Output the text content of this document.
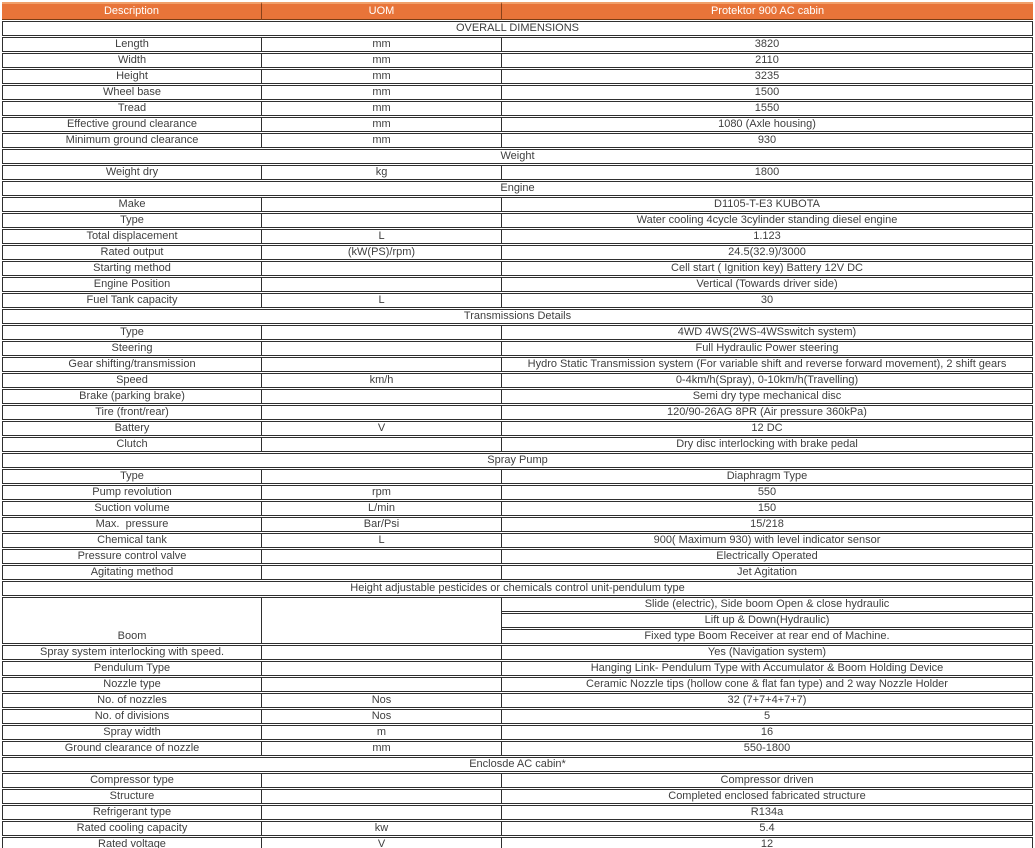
Description	UOM	Protektor 900 AC cabin
OVERALL DIMENSIONS		
Length	mm	3820
Width	mm	2110
Height	mm	3235
Wheel base	mm	1500
Tread	mm	1550
Effective ground clearance	mm	1080 (Axle housing)
Minimum ground clearance	mm	930
Weight		
Weight dry	kg	1800
Engine		
Make		D1105-T-E3 KUBOTA
Type		Water cooling 4cycle 3cylinder standing diesel engine
Total displacement	L	1.123
Rated output	(kW(PS)/rpm)	24.5(32.9)/3000
Starting method		Cell start ( Ignition key) Battery 12V DC
Engine Position		Vertical (Towards driver side)
Fuel Tank capacity	L	30
Transmissions Details		
Type		4WD 4WS(2WS-4WSswitch system)
Steering		Full Hydraulic Power steering
Gear shifting/transmission		Hydro Static Transmission system (For variable shift and reverse forward movement), 2 shift gears
Speed	km/h	0-4km/h(Spray), 0-10km/h(Travelling)
Brake (parking brake)		Semi dry type mechanical disc
Tire (front/rear)		120/90-26AG 8PR (Air pressure 360kPa)
Battery	V	12 DC
Clutch		Dry disc interlocking with brake pedal
Spray Pump		
Type		Diaphragm Type
Pump revolution	rpm	550
Suction volume	L/min	150
Max.  pressure	Bar/Psi	15/218
Chemical tank	L	900( Maximum 930) with level indicator sensor
Pressure control valve		Electrically Operated
Agitating method		Jet Agitation
Height adjustable pesticides or chemicals control unit-pendulum type		
Boom		Slide (electric), Side boom Open & close hydraulic
		Lift up & Down(Hydraulic)
		Fixed type Boom Receiver at rear end of Machine.
Spray system interlocking with speed.		Yes (Navigation system)
Pendulum Type		Hanging Link- Pendulum Type with Accumulator & Boom Holding Device
Nozzle type		Ceramic Nozzle tips (hollow cone & flat fan type) and 2 way Nozzle Holder
No. of nozzles	Nos	32 (7+7+4+7+7)
No. of divisions	Nos	5
Spray width	m	16
Ground clearance of nozzle	mm	550-1800
Enclosde AC cabin*		
Compressor type		Compressor driven
Structure		Completed enclosed fabricated structure
Refrigerant type		R134a
Rated cooling capacity	kw	5.4
Rated voltage	V	12
